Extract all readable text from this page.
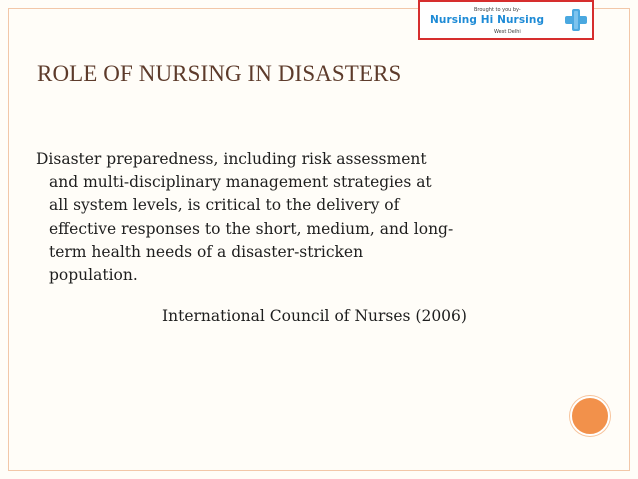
Brought to you by-
Nursing Hi Nursing
West Delhi
ROLE OF NURSING IN DISASTERS
Disaster preparedness, including risk assessment
and multi-disciplinary management strategies at
all system levels, is critical to the delivery of
effective responses to the short, medium, and long-
term health needs of a disaster-stricken
population.
International Council of Nurses (2006)
